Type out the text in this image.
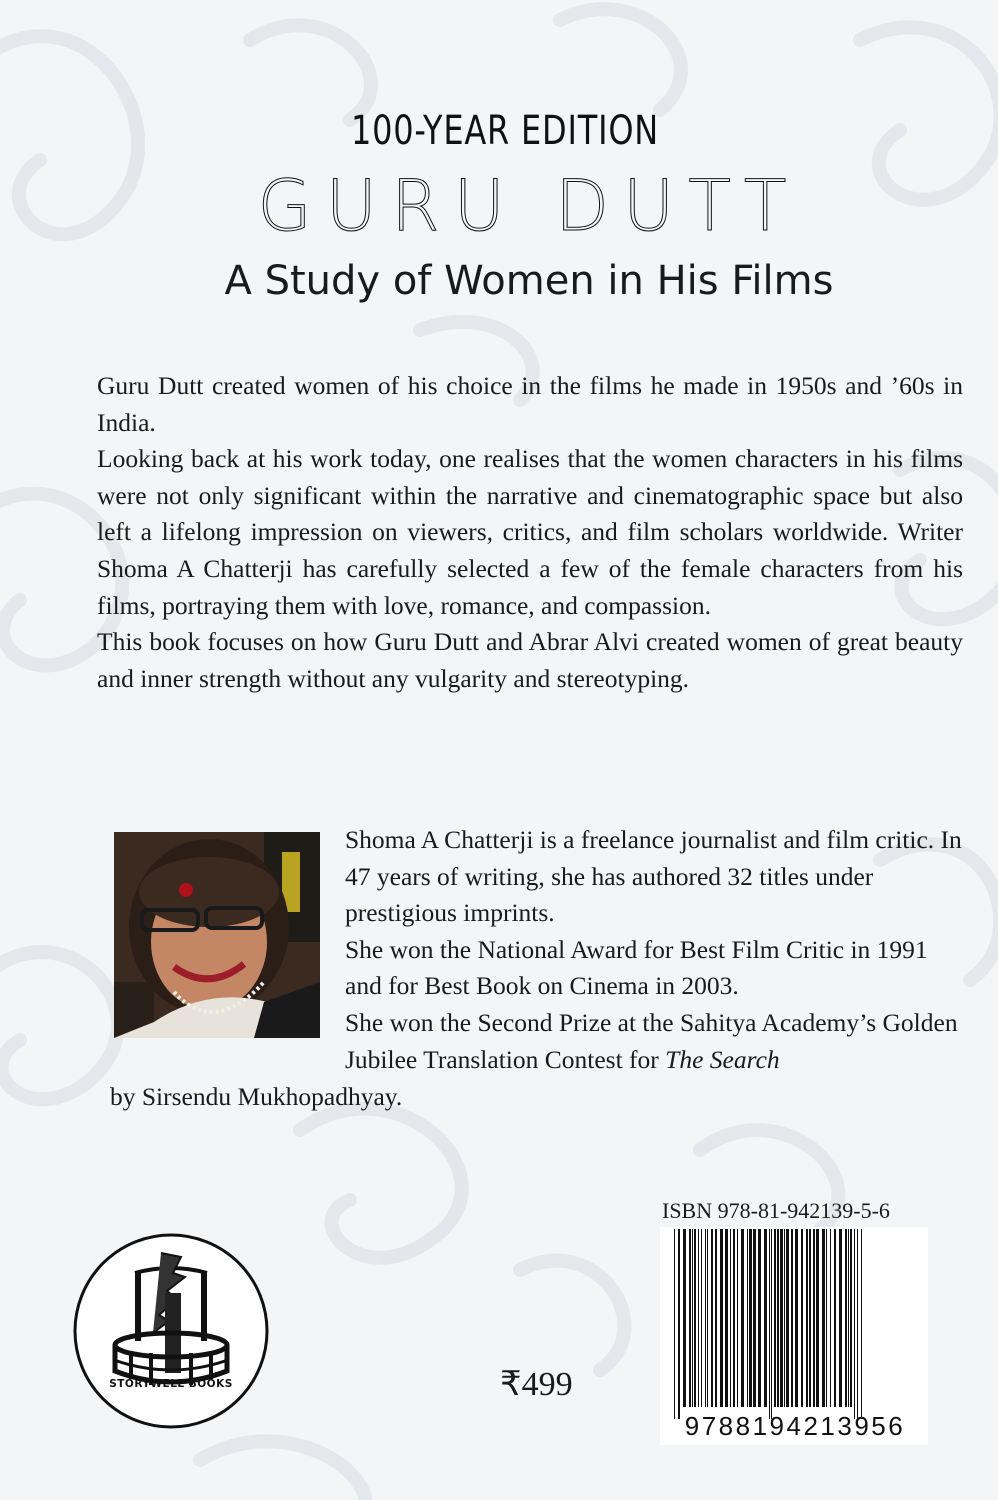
100-YEAR EDITION
GURU DUTT
A Study of Women in His Films

Guru Dutt created women of his choice in the films he made in 1950s and ’60s in India.

Looking back at his work today, one realises that the women characters in his films were not only significant within the narrative and cinematographic space but also left a lifelong impression on viewers, critics, and film scholars worldwide. Writer Shoma A Chatterji has carefully selected a few of the female characters from his films, portraying them with love, romance, and compassion.

This book focuses on how Guru Dutt and Abrar Alvi created women of great beauty and inner strength without any vulgarity and stereotyping.

Shoma A Chatterji is a freelance journalist and film critic. In 47 years of writing, she has authored 32 titles under prestigious imprints.

She won the National Award for Best Film Critic in 1991 and for Best Book on Cinema in 2003.

She won the Second Prize at the Sahitya Academy’s Golden Jubilee Translation Contest for The Search

by Sirsendu Mukhopadhyay.
STORYWELL BOOKS	₹499
ISBN 978-81-942139-5-6
9788194213956
